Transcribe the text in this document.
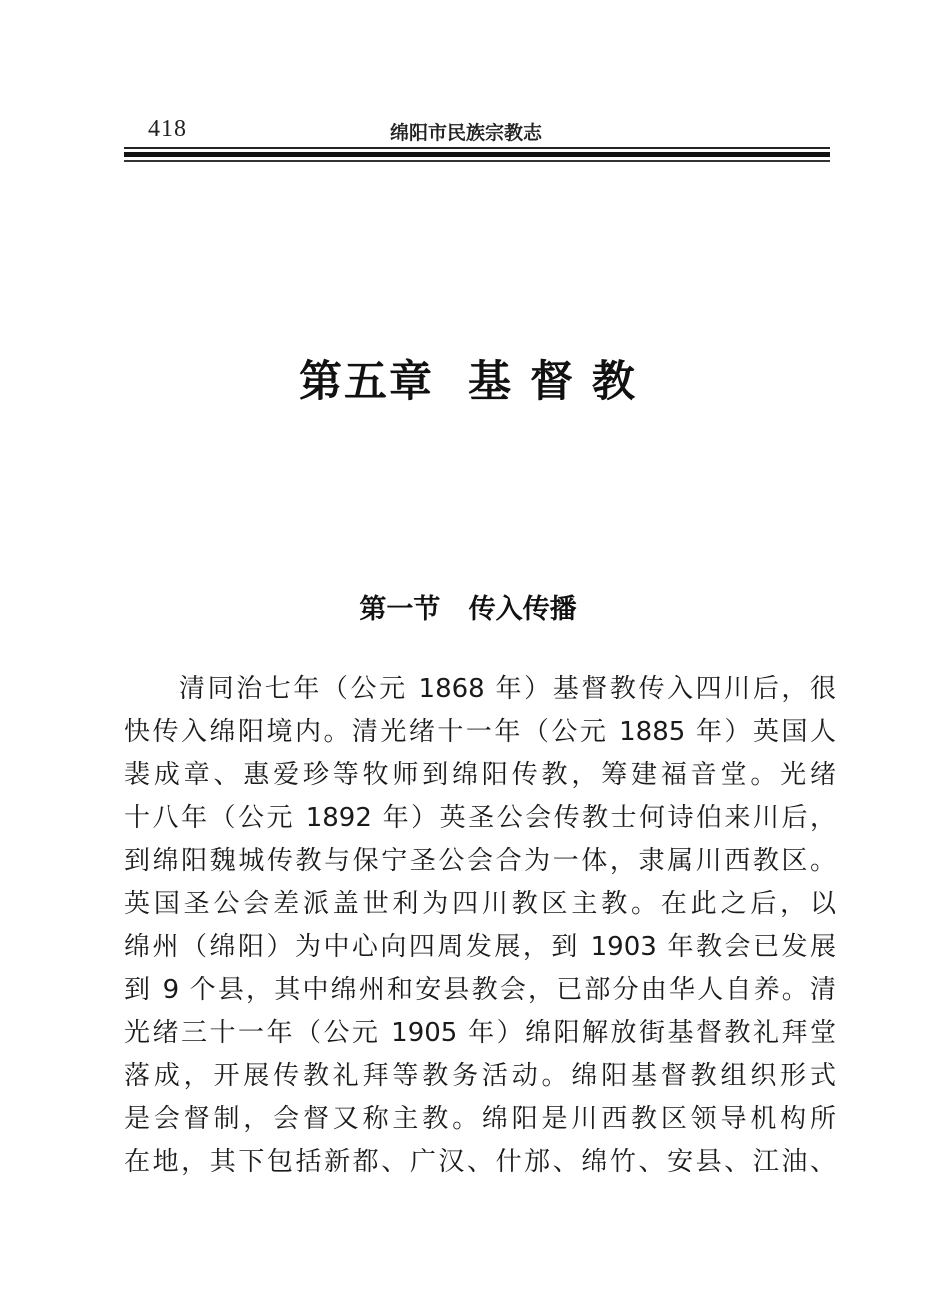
418	绵阳市民族宗教志
第五章  基 督 教
第一节   传入传播
清同治七年（公元 1868 年）基督教传入四川后，很
快传入绵阳境内。清光绪十一年（公元 1885 年）英国人
裴成章、惠爱珍等牧师到绵阳传教，筹建福音堂。光绪
十八年（公元 1892 年）英圣公会传教士何诗伯来川后，
到绵阳魏城传教与保宁圣公会合为一体，隶属川西教区。
英国圣公会差派盖世利为四川教区主教。在此之后，以
绵州（绵阳）为中心向四周发展，到 1903 年教会已发展
到 9 个县，其中绵州和安县教会，已部分由华人自养。清
光绪三十一年（公元 1905 年）绵阳解放街基督教礼拜堂
落成，开展传教礼拜等教务活动。绵阳基督教组织形式
是会督制，会督又称主教。绵阳是川西教区领导机构所
在地，其下包括新都、广汉、什邡、绵竹、安县、江油、
